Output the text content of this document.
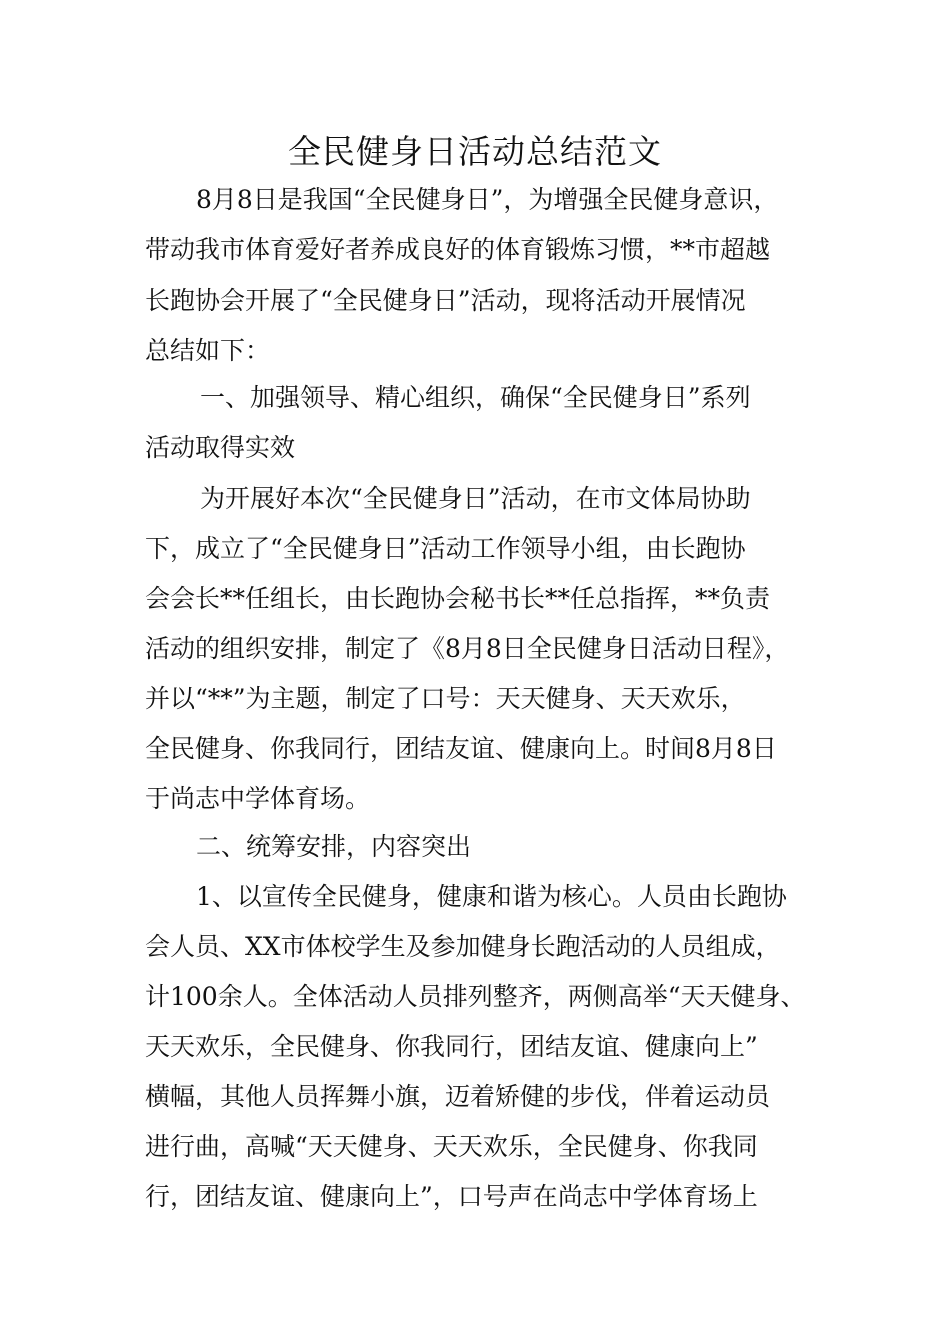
全民健身日活动总结范文

8月8日是我国“全民健身日”，为增强全民健身意识，

带动我市体育爱好者养成良好的体育锻炼习惯，**市超越

长跑协会开展了“全民健身日”活动，现将活动开展情况

总结如下：

一、加强领导、精心组织，确保“全民健身日”系列

活动取得实效

为开展好本次“全民健身日”活动，在市文体局协助

下，成立了“全民健身日”活动工作领导小组，由长跑协

会会长**任组长，由长跑协会秘书长**任总指挥，**负责

活动的组织安排，制定了《8月8日全民健身日活动日程》，

并以“**”为主题，制定了口号：天天健身、天天欢乐，

全民健身、你我同行，团结友谊、健康向上。时间8月8日

于尚志中学体育场。

二、统筹安排，内容突出

1、以宣传全民健身，健康和谐为核心。人员由长跑协

会人员、XX市体校学生及参加健身长跑活动的人员组成，

计100余人。全体活动人员排列整齐，两侧高举“天天健身、

天天欢乐，全民健身、你我同行，团结友谊、健康向上”

横幅，其他人员挥舞小旗，迈着矫健的步伐，伴着运动员

进行曲，高喊“天天健身、天天欢乐，全民健身、你我同

行，团结友谊、健康向上”，口号声在尚志中学体育场上
